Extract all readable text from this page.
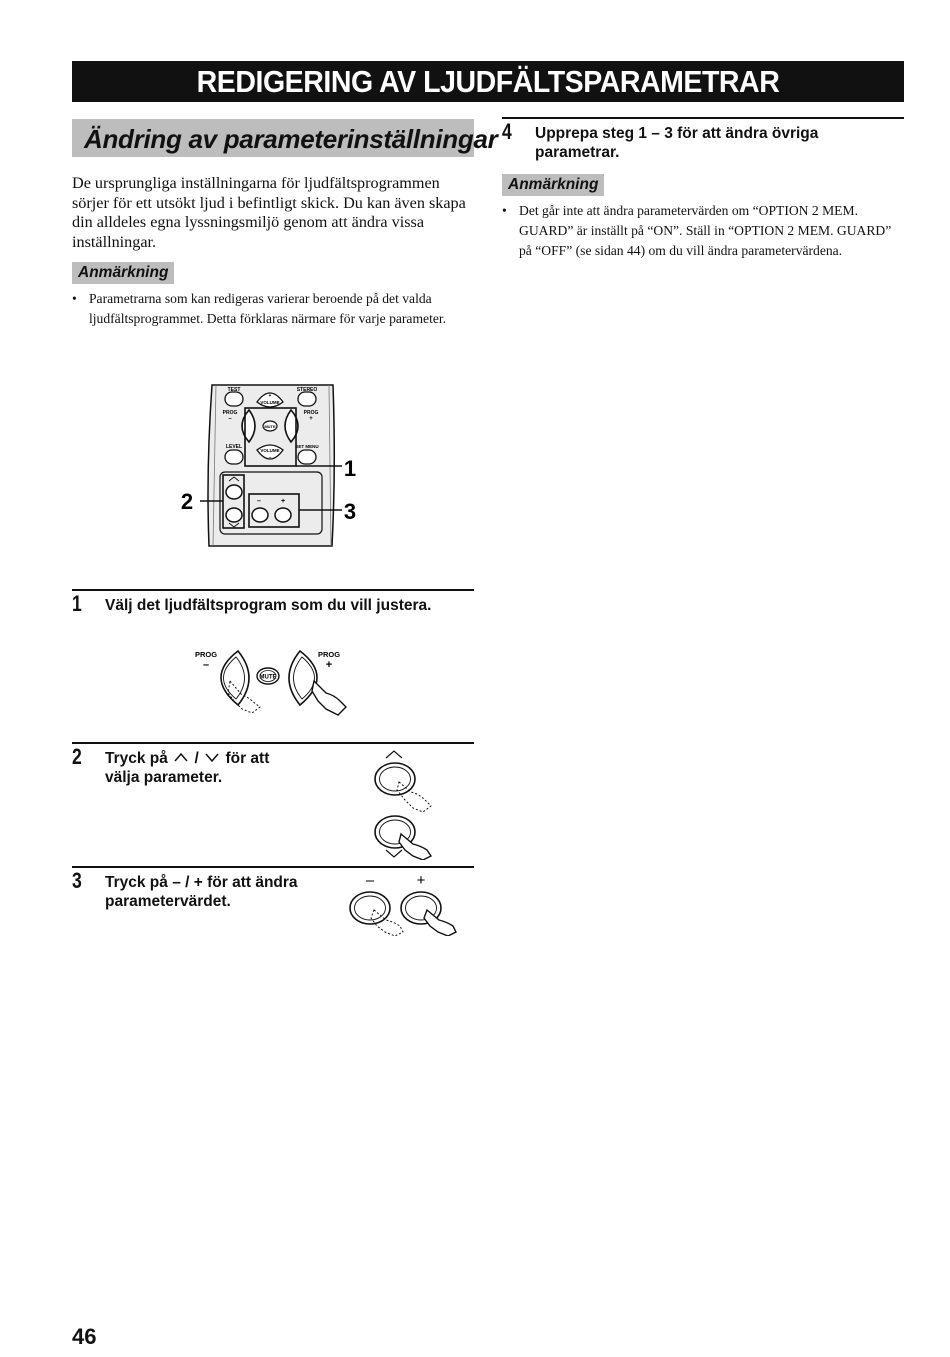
REDIGERING AV LJUDFÄLTSPARAMETRAR
Ändring av parameterinställningar
De ursprungliga inställningarna för ljudfältsprogrammen sörjer för ett utsökt ljud i befintligt skick. Du kan även skapa din alldeles egna lyssningsmiljö genom att ändra vissa inställningar.
Anmärkning
• Parametrarna som kan redigeras varierar beroende på det valda ljudfältsprogrammet. Detta förklaras närmare för varje parameter.
TEST	STEREO
+
VOLUME
PROG
–
PROG
+
MUTE
VOLUME
–
LEVEL	SET MENU
1
2	–	+	3
1 Välj det ljudfältsprogram som du vill justera.
PROG
–
PROG
+
MUTE
2 Tryck på / för att
välja parameter.
3 Tryck på – / + för att ändra parametervärdet.
–	+
4 Upprepa steg 1 – 3 för att ändra övriga parametrar.
Anmärkning
• Det går inte att ändra parametervärden om “OPTION 2 MEM. GUARD” är inställt på “ON”. Ställ in “OPTION 2 MEM. GUARD” på “OFF” (se sidan 44) om du vill ändra parametervärdena.
46
